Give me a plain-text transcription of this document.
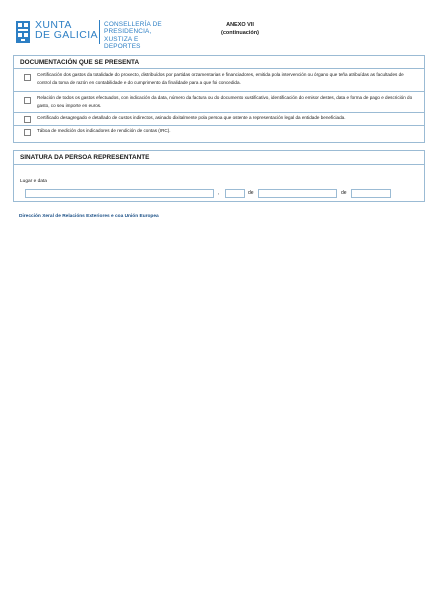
XUNTA
DE GALICIA
CONSELLERÍA DE
PRESIDENCIA,
XUSTIZA E DEPORTES
ANEXO VII
(continuación)
DOCUMENTACIÓN QUE SE PRESENTA
Certificación dos gastos da totalidade do proxecto, distribuídos por partidas orzamentarias e financiadores, emitida pola intervención ou órgano que teña atribuídas as facultades de control da toma de razón en contabilidade e do cumprimento da finalidade para a que foi concedida.
Relación de todos os gastos efectuados, con indicación da data, número da factura ou do documento xustificativo, identificación do emisor destes, data e forma de pago e descrición do gasto, co seu importe en euros.
Certificado desagregado e detallado de custos indirectos, asinado dixitalmente pola persoa que ostente a representación legal da entidade beneficiada.
Táboa de medición dos indicadores de rendición de contas (IRC).
SINATURA DA PERSOA REPRESENTANTE
Lugar e data
,	de	de
Dirección Xeral de Relacións Exteriores e coa Unión Europea
